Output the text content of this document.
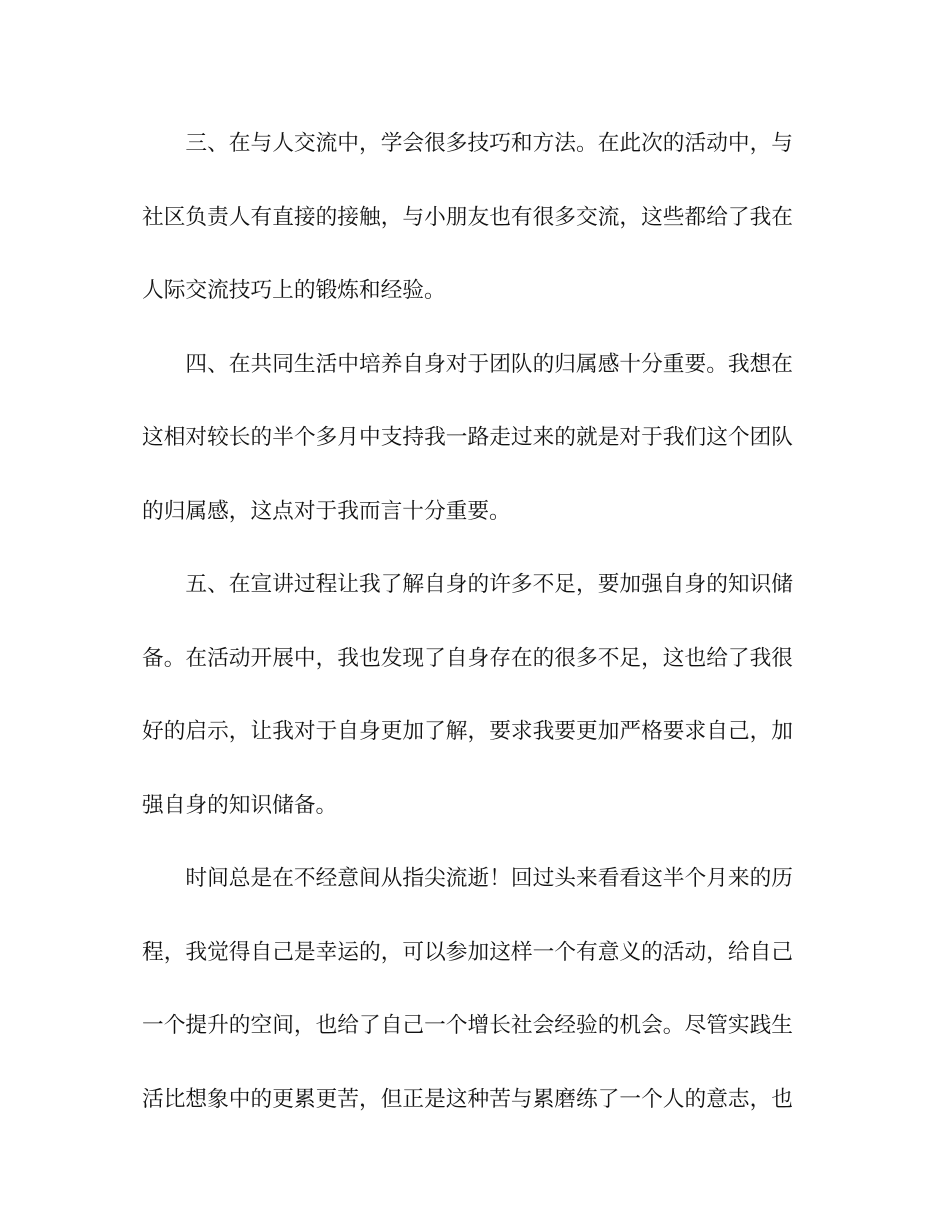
三、在与人交流中，学会很多技巧和方法。在此次的活动中，与
社区负责人有直接的接触，与小朋友也有很多交流，这些都给了我在
人际交流技巧上的锻炼和经验。
四、在共同生活中培养自身对于团队的归属感十分重要。我想在
这相对较长的半个多月中支持我一路走过来的就是对于我们这个团队
的归属感，这点对于我而言十分重要。
五、在宣讲过程让我了解自身的许多不足，要加强自身的知识储
备。在活动开展中，我也发现了自身存在的很多不足，这也给了我很
好的启示，让我对于自身更加了解，要求我要更加严格要求自己，加
强自身的知识储备。
时间总是在不经意间从指尖流逝！回过头来看看这半个月来的历
程，我觉得自己是幸运的，可以参加这样一个有意义的活动，给自己
一个提升的空间，也给了自己一个增长社会经验的机会。尽管实践生
活比想象中的更累更苦，但正是这种苦与累磨练了一个人的意志，也
